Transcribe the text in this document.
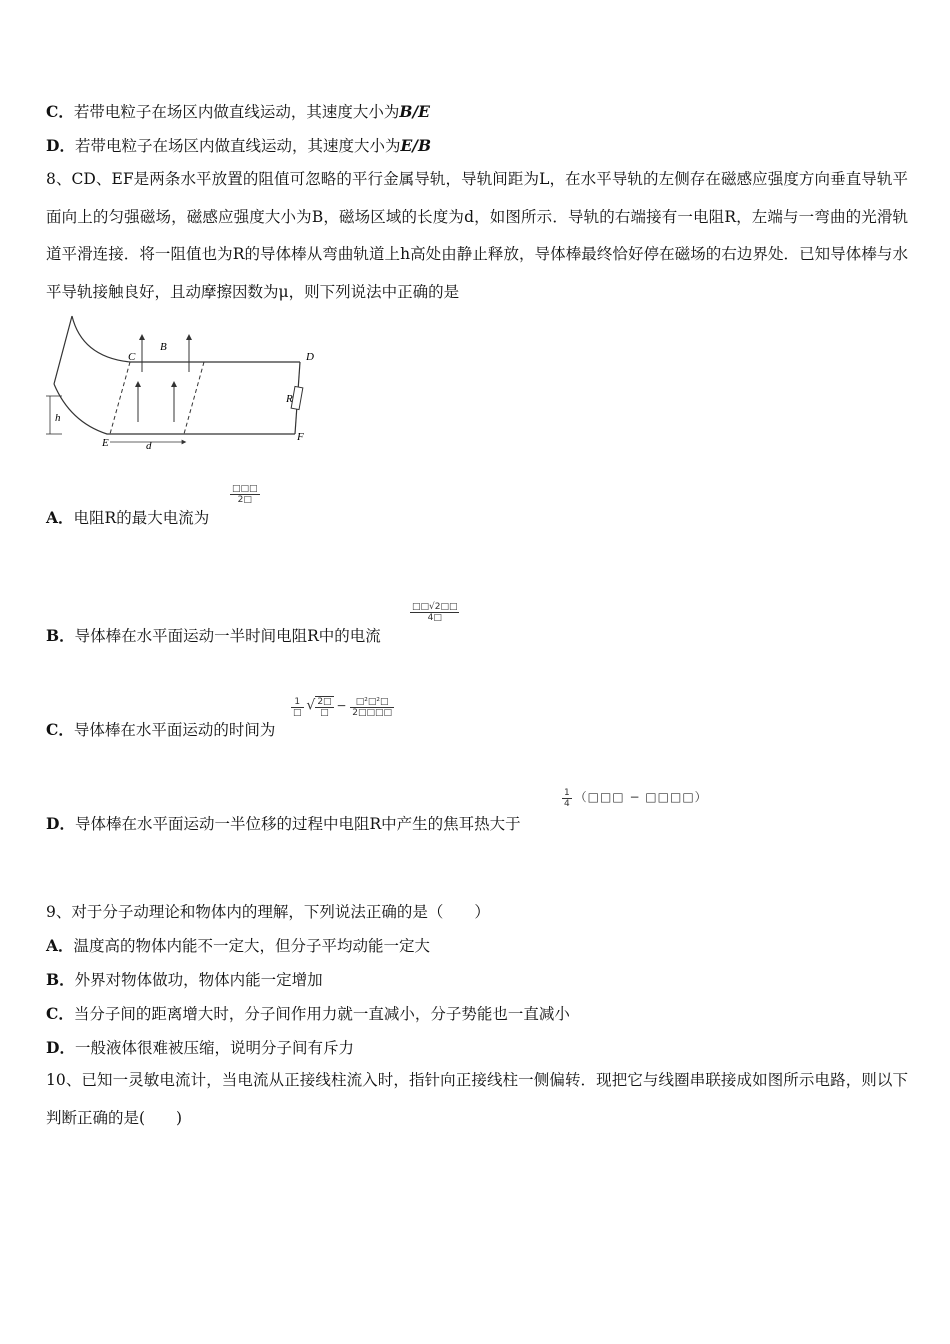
C．若带电粒子在场区内做直线运动，其速度大小为B/E
D．若带电粒子在场区内做直线运动，其速度大小为E/B
8、CD、EF是两条水平放置的阻值可忽略的平行金属导轨，导轨间距为L，在水平导轨的左侧存在磁感应强度方向垂直导轨平面向上的匀强磁场，磁感应强度大小为B，磁场区域的长度为d，如图所示．导轨的右端接有一电阻R，左端与一弯曲的光滑轨道平滑连接．将一阻值也为R的导体棒从弯曲轨道上h高处由静止释放，导体棒最终恰好停在磁场的右边界处．已知导体棒与水平导轨接触良好，且动摩擦因数为μ，则下列说法中正确的是
C
B
D
R
F
E
h
d
A．电阻R的最大电流为
$\frac{□□□}{2□}$
B．导体棒在水平面运动一半时间电阻R中的电流
$\frac{□□√2□□}{4□}$
C．导体棒在水平面运动的时间为
$\frac{1}{□}$ √ $\frac{2□}{□} - \frac{\text{□²□²□}}{2□□□□}$
D．导体棒在水平面运动一半位移的过程中电阻R中产生的焦耳热大于
$\frac{1}{4}$ （□□□ − □□□□）
9、对于分子动理论和物体内的理解，下列说法正确的是（　　）
A．温度高的物体内能不一定大，但分子平均动能一定大
B．外界对物体做功，物体内能一定增加
C．当分子间的距离增大时，分子间作用力就一直减小，分子势能也一直减小
D．一般液体很难被压缩，说明分子间有斥力
10、已知一灵敏电流计，当电流从正接线柱流入时，指针向正接线柱一侧偏转．现把它与线圈串联接成如图所示电路，则以下判断正确的是(　　)
